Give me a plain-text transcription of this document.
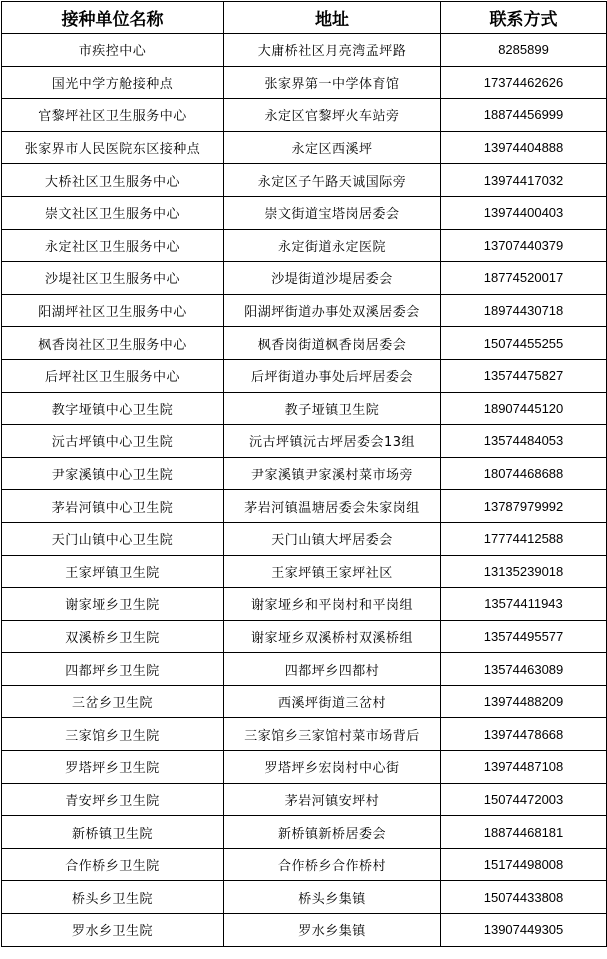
接种单位名称	地址	联系方式
市疾控中心	大庸桥社区月亮湾孟坪路	8285899
国光中学方舱接种点	张家界第一中学体育馆	17374462626
官黎坪社区卫生服务中心	永定区官黎坪火车站旁	18874456999
张家界市人民医院东区接种点	永定区西溪坪	13974404888
大桥社区卫生服务中心	永定区子午路天诚国际旁	13974417032
崇文社区卫生服务中心	崇文街道宝塔岗居委会	13974400403
永定社区卫生服务中心	永定街道永定医院	13707440379
沙堤社区卫生服务中心	沙堤街道沙堤居委会	18774520017
阳湖坪社区卫生服务中心	阳湖坪街道办事处双溪居委会	18974430718
枫香岗社区卫生服务中心	枫香岗街道枫香岗居委会	15074455255
后坪社区卫生服务中心	后坪街道办事处后坪居委会	13574475827
教字垭镇中心卫生院	教子垭镇卫生院	18907445120
沅古坪镇中心卫生院	沅古坪镇沅古坪居委会13组	13574484053
尹家溪镇中心卫生院	尹家溪镇尹家溪村菜市场旁	18074468688
茅岩河镇中心卫生院	茅岩河镇温塘居委会朱家岗组	13787979992
天门山镇中心卫生院	天门山镇大坪居委会	17774412588
王家坪镇卫生院	王家坪镇王家坪社区	13135239018
谢家垭乡卫生院	谢家垭乡和平岗村和平岗组	13574411943
双溪桥乡卫生院	谢家垭乡双溪桥村双溪桥组	13574495577
四都坪乡卫生院	四都坪乡四都村	13574463089
三岔乡卫生院	西溪坪街道三岔村	13974488209
三家馆乡卫生院	三家馆乡三家馆村菜市场背后	13974478668
罗塔坪乡卫生院	罗塔坪乡宏岗村中心街	13974487108
青安坪乡卫生院	茅岩河镇安坪村	15074472003
新桥镇卫生院	新桥镇新桥居委会	18874468181
合作桥乡卫生院	合作桥乡合作桥村	15174498008
桥头乡卫生院	桥头乡集镇	15074433808
罗水乡卫生院	罗水乡集镇	13907449305
